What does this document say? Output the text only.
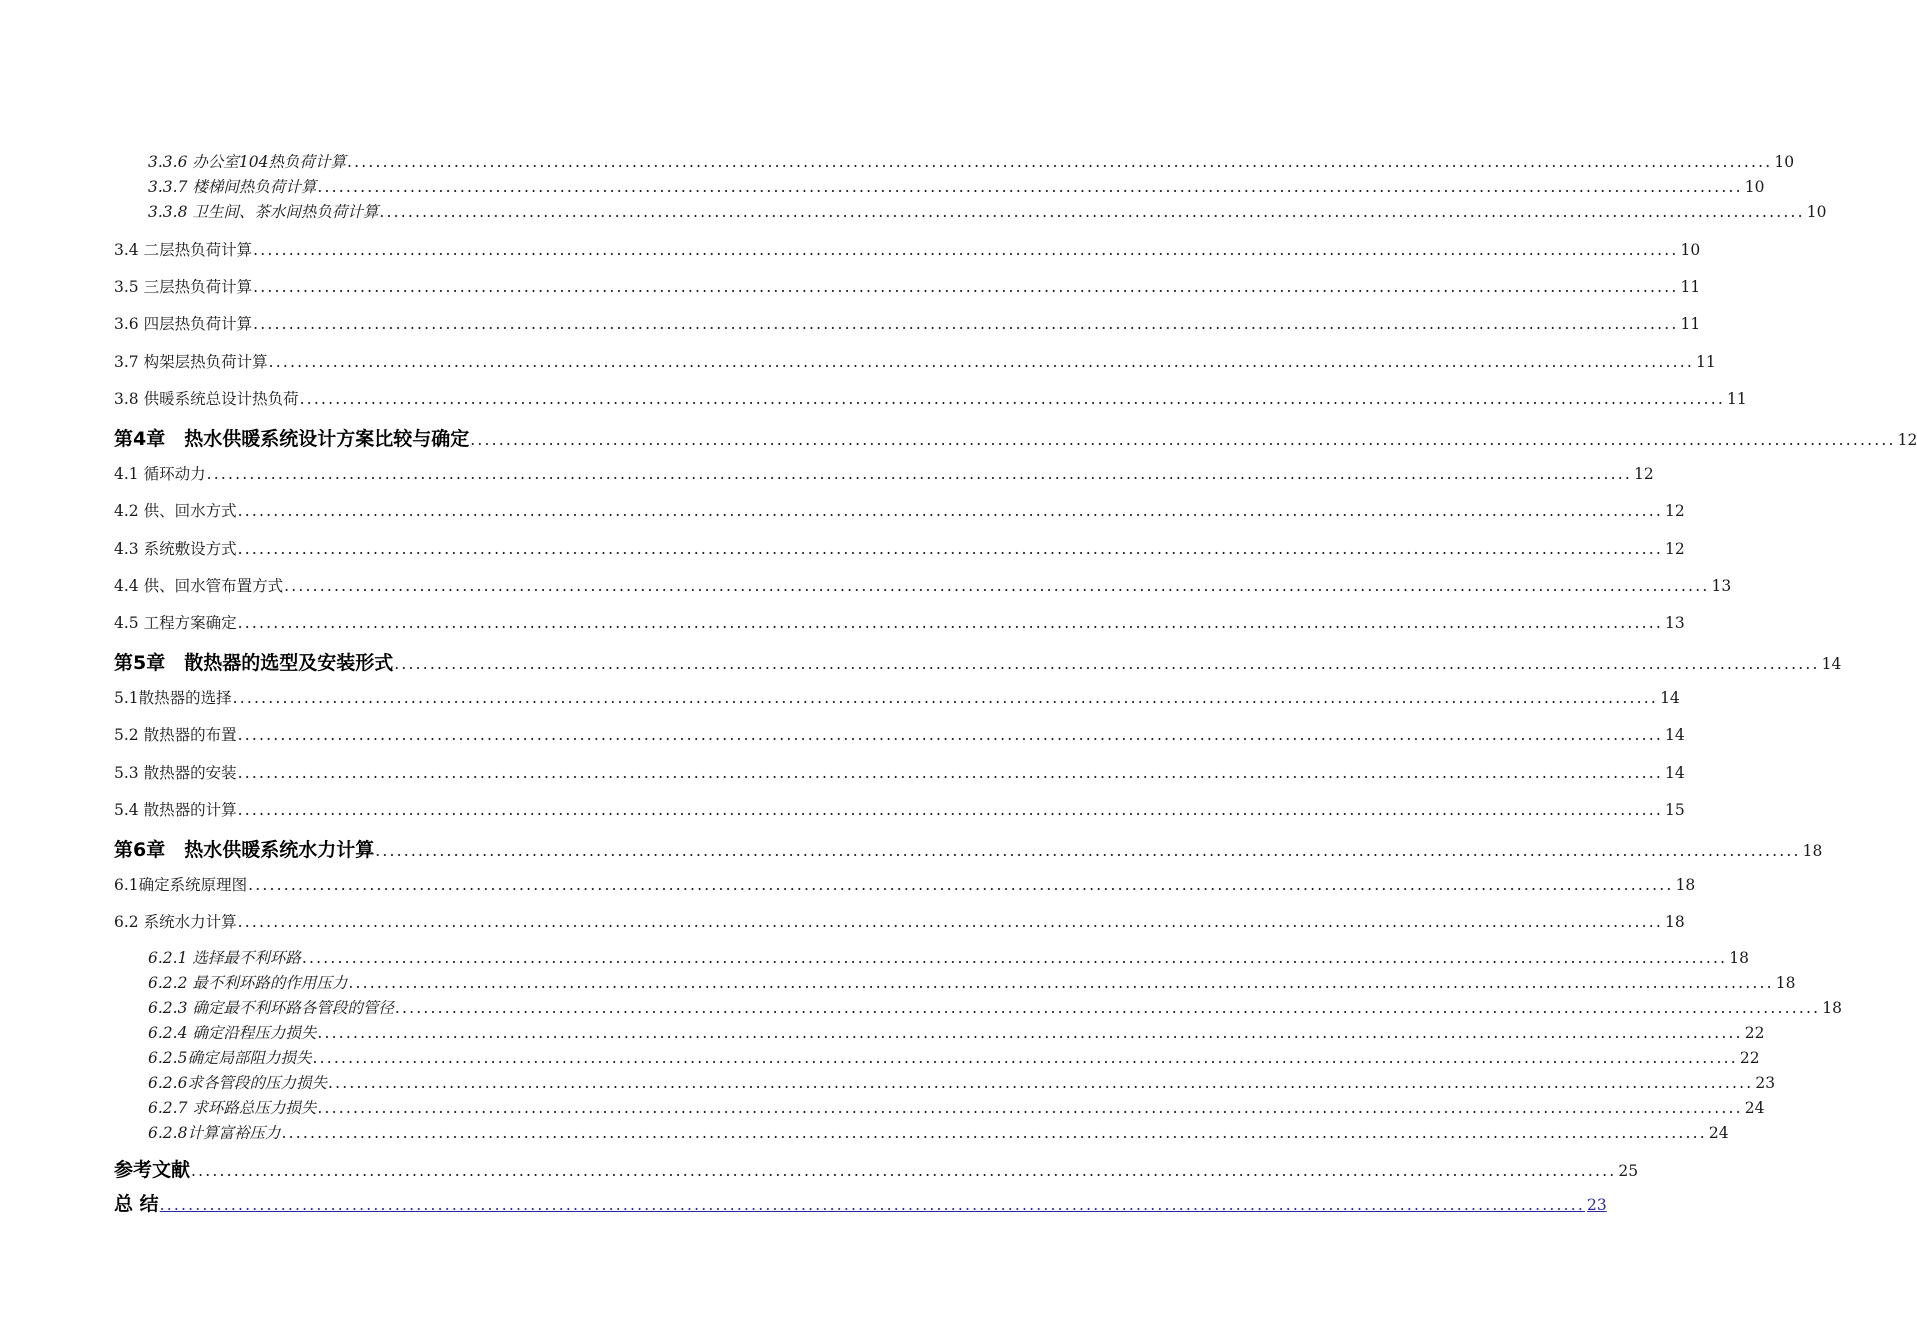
3.3.6 办公室104热负荷计算 ........................................................................................................................................................................................................ 10
3.3.7 楼梯间热负荷计算 ........................................................................................................................................................................................................ 10
3.3.8 卫生间、茶水间热负荷计算 ........................................................................................................................................................................................................ 10
3.4 二层热负荷计算 ........................................................................................................................................................................................................ 10
3.5 三层热负荷计算 ........................................................................................................................................................................................................ 11
3.6 四层热负荷计算 ........................................................................................................................................................................................................ 11
3.7 构架层热负荷计算 ........................................................................................................................................................................................................ 11
3.8 供暖系统总设计热负荷 ........................................................................................................................................................................................................ 11
第4章　热水供暖系统设计方案比较与确定 ........................................................................................................................................................................................................ 12
4.1 循环动力 ........................................................................................................................................................................................................ 12
4.2 供、回水方式 ........................................................................................................................................................................................................ 12
4.3 系统敷设方式 ........................................................................................................................................................................................................ 12
4.4 供、回水管布置方式 ........................................................................................................................................................................................................ 13
4.5 工程方案确定 ........................................................................................................................................................................................................ 13
第5章　散热器的选型及安装形式 ........................................................................................................................................................................................................ 14
5.1散热器的选择 ........................................................................................................................................................................................................ 14
5.2 散热器的布置 ........................................................................................................................................................................................................ 14
5.3 散热器的安装 ........................................................................................................................................................................................................ 14
5.4 散热器的计算 ........................................................................................................................................................................................................ 15
第6章　热水供暖系统水力计算 ........................................................................................................................................................................................................ 18
6.1确定系统原理图 ........................................................................................................................................................................................................ 18
6.2 系统水力计算 ........................................................................................................................................................................................................ 18
6.2.1 选择最不利环路 ........................................................................................................................................................................................................ 18
6.2.2 最不利环路的作用压力 ........................................................................................................................................................................................................ 18
6.2.3 确定最不利环路各管段的管径 ........................................................................................................................................................................................................ 18
6.2.4 确定沿程压力损失 ........................................................................................................................................................................................................ 22
6.2.5确定局部阻力损失 ........................................................................................................................................................................................................ 22
6.2.6求各管段的压力损失 ........................................................................................................................................................................................................ 23
6.2.7 求环路总压力损失 ........................................................................................................................................................................................................ 24
6.2.8计算富裕压力 ........................................................................................................................................................................................................ 24
参考文献 ........................................................................................................................................................................................................ 25
总 结 ........................................................................................................................................................................................................ 23
